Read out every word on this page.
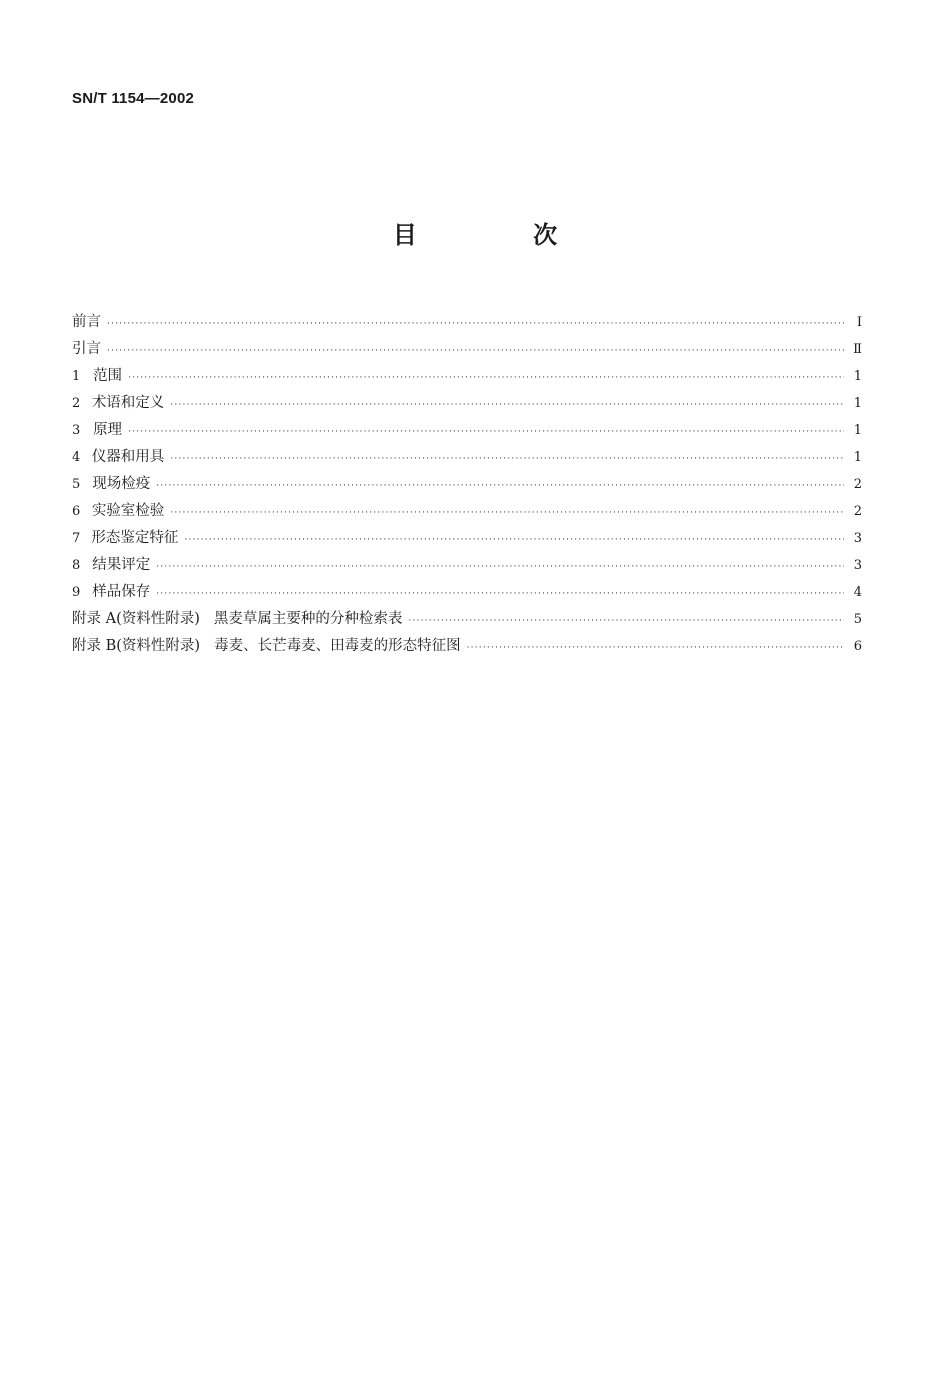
SN/T 1154—2002
目 次
前言 ·····	Ⅰ
引言 ·····	Ⅱ
1 范围 ·····	1
2 术语和定义 ·····	1
3 原理 ·····	1
4 仪器和用具 ·····	1
5 现场检疫 ·····	2
6 实验室检验 ·····	2
7 形态鉴定特征 ·····	3
8 结果评定 ·····	3
9 样品保存 ·····	4
附录 A(资料性附录) 黑麦草属主要种的分种检索表 ·····	5
附录 B(资料性附录) 毒麦、长芒毒麦、田毒麦的形态特征图 ·····	6
